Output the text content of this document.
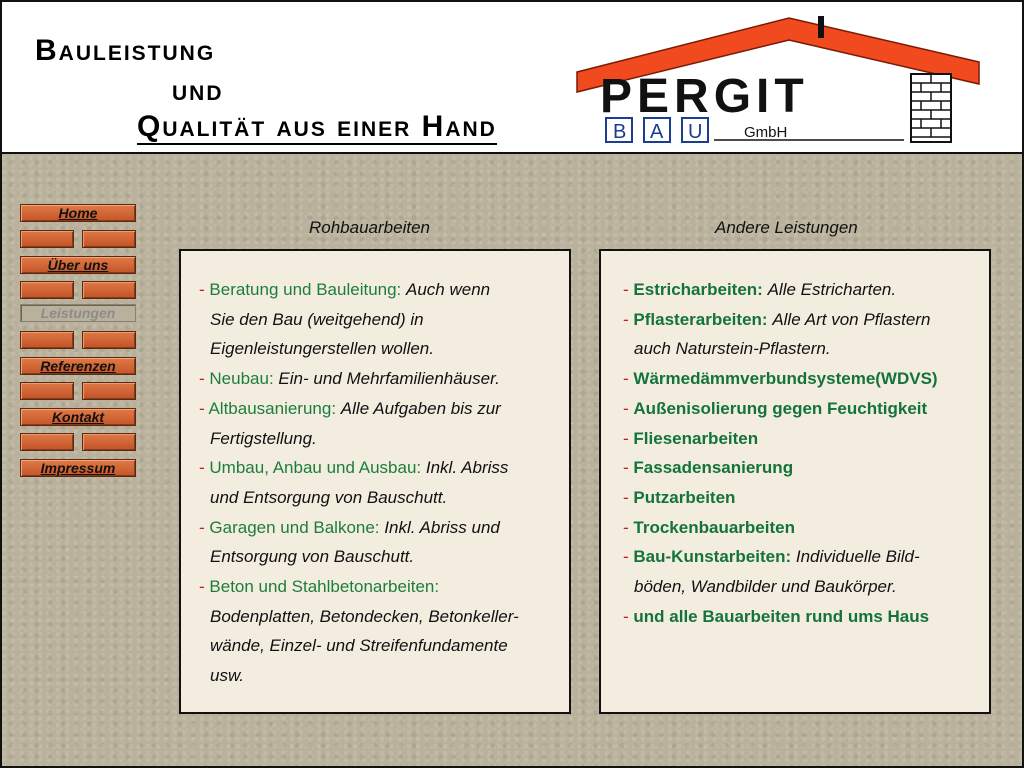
Bauleistung
und
Qualität aus einer Hand
PERGIT
B A U	GmbH
Home
Über uns
Leistungen
Referenzen
Kontakt
Impressum
Rohbauarbeiten	Andere Leistungen
- Beratung und Bauleitung: Auch wenn
Sie den Bau (weitgehend) in
Eigenleistungerstellen wollen.
- Neubau: Ein- und Mehrfamilienhäuser.
- Altbausanierung: Alle Aufgaben bis zur
Fertigstellung.
- Umbau, Anbau und Ausbau: Inkl. Abriss
und Entsorgung von Bauschutt.
- Garagen und Balkone: Inkl. Abriss und
Entsorgung von Bauschutt.
- Beton und Stahlbetonarbeiten:
Bodenplatten, Betondecken, Betonkeller-
wände, Einzel- und Streifenfundamente
usw.
- Estricharbeiten: Alle Estricharten.
- Pflasterarbeiten: Alle Art von Pflastern
auch Naturstein-Pflastern.
- Wärmedämmverbundsysteme(WDVS)
- Außenisolierung gegen Feuchtigkeit
- Fliesenarbeiten
- Fassadensanierung
- Putzarbeiten
- Trockenbauarbeiten
- Bau-Kunstarbeiten: Individuelle Bild-
böden, Wandbilder und Baukörper.
- und alle Bauarbeiten rund ums Haus
